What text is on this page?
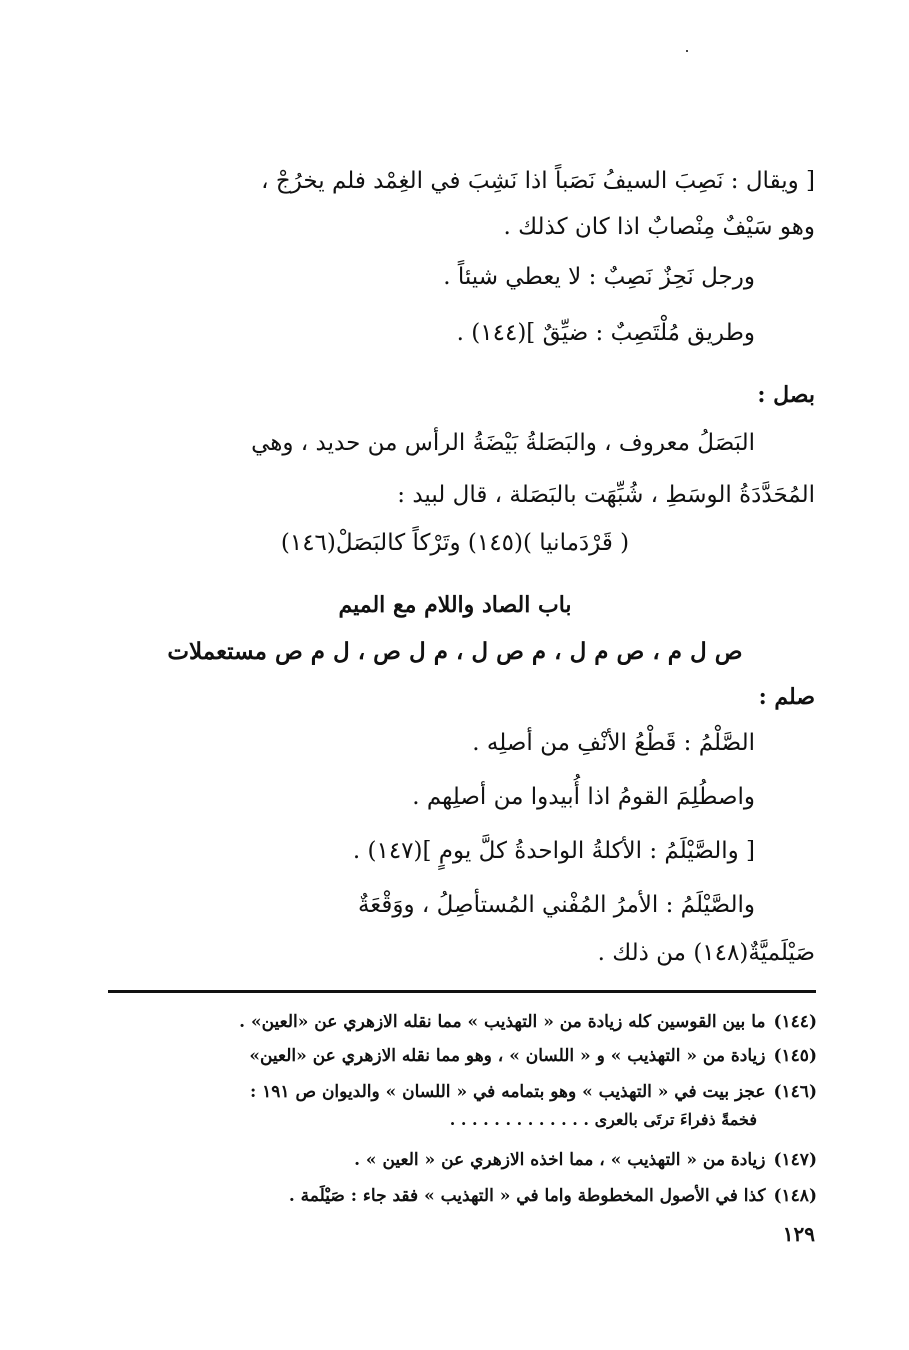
[ ويقال : نَصِبَ السيفُ نَصَباً اذا نَشِبَ في الغِمْد فلم يخرُجْ ،
وهو سَيْفٌ مِنْصابٌ اذا كان كذلك .
ورجل نَحِزٌ نَصِبٌ : لا يعطي شيئاً .
وطريق مُلْتَصِبٌ : ضيِّقٌ ](١٤٤) .
بصل :
البَصَلُ معروف ، والبَصَلةُ بَيْضَةُ الرأس من حديد ، وهي
المُحَدَّدَةُ الوسَطِ ، شُبِّهَت بالبَصَلة ، قال لبيد :
( قَرْدَمانيا )(١٤٥) وتَرْكاً كالبَصَلْ(١٤٦)
باب الصاد واللام مع الميم
ص ل م ، ص م ل ، م ص ل ، م ل ص ، ل م ص مستعملات
صلم :
الصَّلْمُ : قَطْعُ الأنْفِ من أصلِه .
واصطُلِمَ القومُ اذا أُبيدوا من أصلِهم .
[ والصَّيْلَمُ : الأكلةُ الواحدةُ كلَّ يومٍ ](١٤٧) .
والصَّيْلَمُ : الأمرُ المُفْني المُستأصِلُ ، ووَقْعَةٌ
صَيْلَميَّةٌ(١٤٨) من ذلك .
(١٤٤)ما بين القوسين كله زيادة من « التهذيب » مما نقله الازهري عن «العين» .
(١٤٥)زيادة من « التهذيب » و « اللسان » ، وهو مما نقله الازهري عن «العين»
(١٤٦)عجز بيت في « التهذيب » وهو بتمامه في « اللسان » والديوان ص ١٩١ :
فخمةً ذفراءَ ترتَى بالعرى . . . . . . . . . . . . .
(١٤٧)زيادة من « التهذيب » ، مما اخذه الازهري عن « العين » .
(١٤٨)كذا في الأصول المخطوطة واما في « التهذيب » فقد جاء : صَيْلَمة .
١٢٩
